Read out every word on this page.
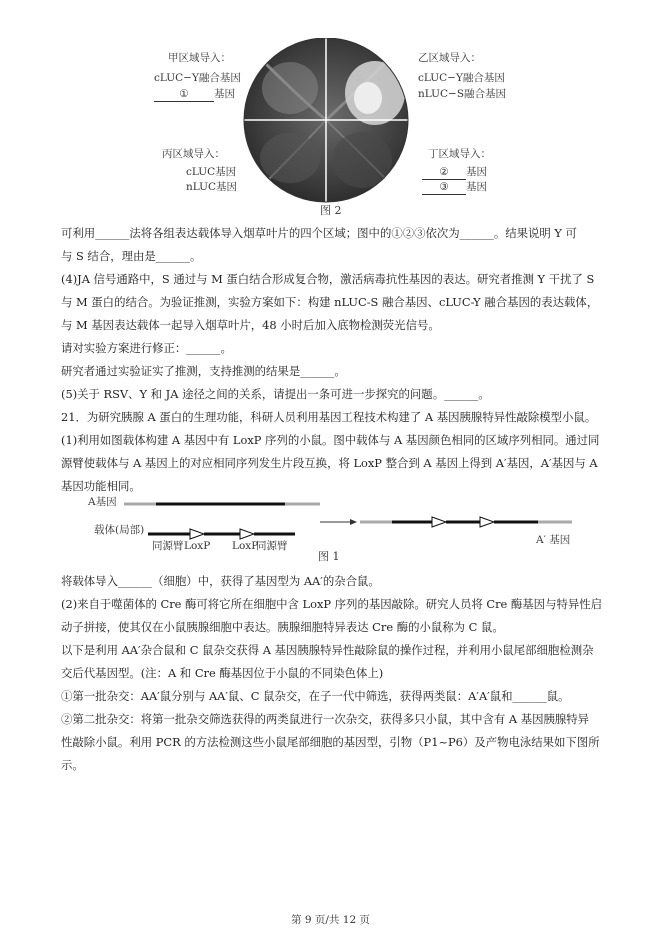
甲区域导入：
cLUC−Y融合基因
① 基因
乙区域导入：
cLUC−Y融合基因
nLUC−S融合基因
丙区域导入：
cLUC基因
nLUC基因
丁区域导入：
② 基因
③ 基因
图 2

可利用______法将各组表达载体导入烟草叶片的四个区域；图中的①②③依次为______。结果说明 Y 可

与 S 结合，理由是______。

(4)JA 信号通路中，S 通过与 M 蛋白结合形成复合物，激活病毒抗性基因的表达。研究者推测 Y 干扰了 S

与 M 蛋白的结合。为验证推测，实验方案如下：构建 nLUC-S 融合基因、cLUC-Y 融合基因的表达载体，

与 M 基因表达载体一起导入烟草叶片，48 小时后加入底物检测荧光信号。

请对实验方案进行修正：______。

研究者通过实验证实了推测，支持推测的结果是______。

(5)关于 RSV、Y 和 JA 途径之间的关系，请提出一条可进一步探究的问题。______。

21．为研究胰腺 A 蛋白的生理功能，科研人员利用基因工程技术构建了 A 基因胰腺特异性敲除模型小鼠。

(1)利用如图载体构建 A 基因中有 LoxP 序列的小鼠。图中载体与 A 基因颜色相同的区域序列相同。通过同

源臂使载体与 A 基因上的对应相同序列发生片段互换，将 LoxP 整合到 A 基因上得到 A′基因，A′基因与 A

基因功能相同。

A基因
载体(局部)
同源臂 LoxP LoxP
同源臂
图 1
A′ 基因

将载体导入______（细胞）中，获得了基因型为 AA′的杂合鼠。

(2)来自于噬菌体的 Cre 酶可将它所在细胞中含 LoxP 序列的基因敲除。研究人员将 Cre 酶基因与特异性启

动子拼接，使其仅在小鼠胰腺细胞中表达。胰腺细胞特异表达 Cre 酶的小鼠称为 C 鼠。

以下是利用 AA′杂合鼠和 C 鼠杂交获得 A 基因胰腺特异性敲除鼠的操作过程，并利用小鼠尾部细胞检测杂

交后代基因型。(注：A 和 Cre 酶基因位于小鼠的不同染色体上)

①第一批杂交：AA′鼠分别与 AA′鼠、C 鼠杂交，在子一代中筛选，获得两类鼠：A′A′鼠和______鼠。

②第二批杂交：将第一批杂交筛选获得的两类鼠进行一次杂交，获得多只小鼠，其中含有 A 基因胰腺特异

性敲除小鼠。利用 PCR 的方法检测这些小鼠尾部细胞的基因型，引物（P1~P6）及产物电泳结果如下图所

示。

第 9 页/共 12 页
